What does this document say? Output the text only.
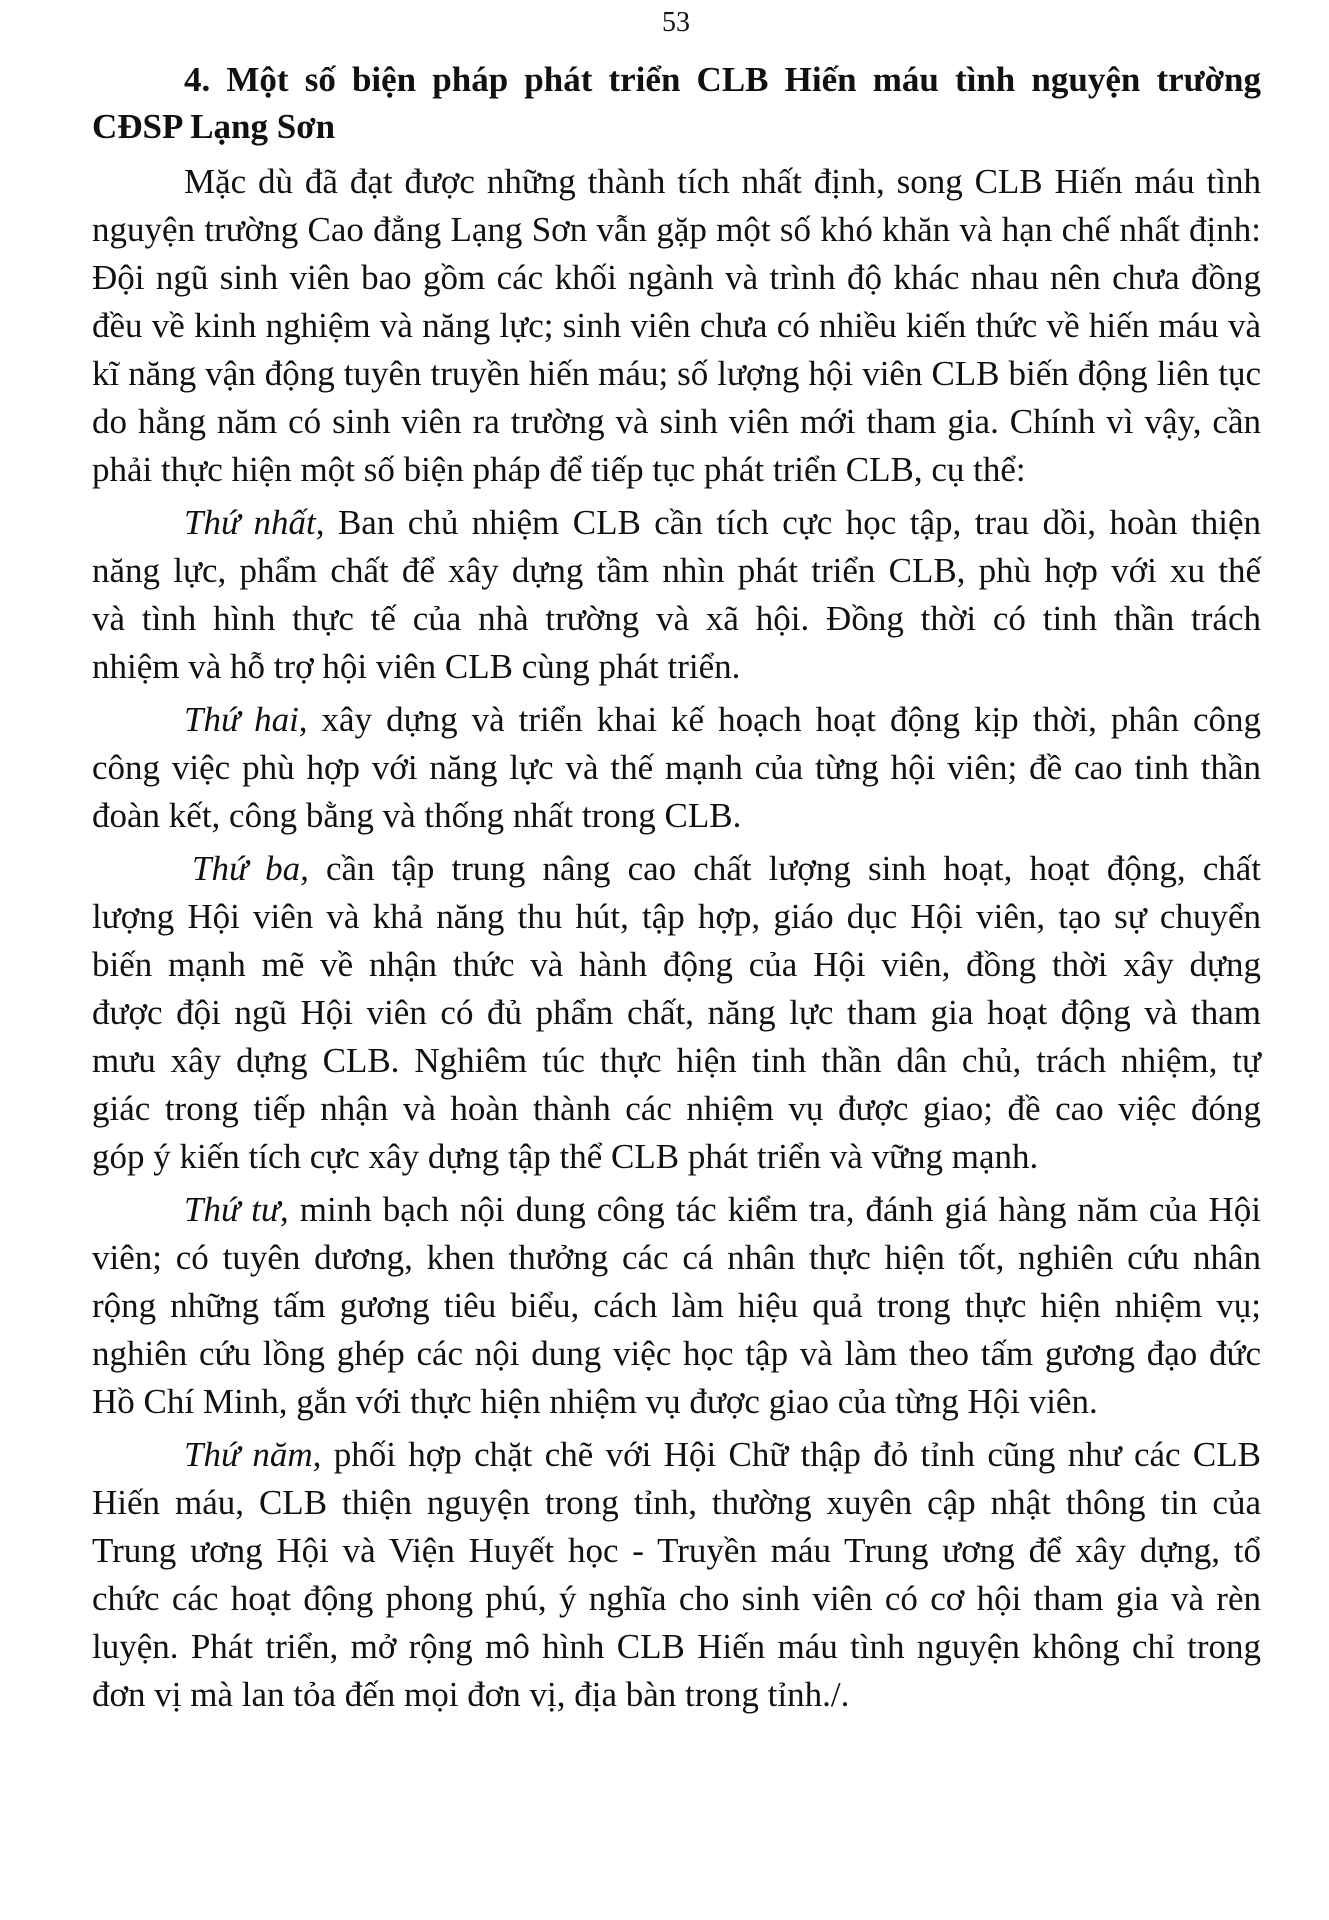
53
4. Một số biện pháp phát triển CLB Hiến máu tình nguyện trường
CĐSP Lạng Sơn
Mặc dù đã đạt được những thành tích nhất định, song CLB Hiến máu tình
nguyện trường Cao đẳng Lạng Sơn vẫn gặp một số khó khăn và hạn chế nhất định:
Đội ngũ sinh viên bao gồm các khối ngành và trình độ khác nhau nên chưa đồng
đều về kinh nghiệm và năng lực; sinh viên chưa có nhiều kiến thức về hiến máu và
kĩ năng vận động tuyên truyền hiến máu; số lượng hội viên CLB biến động liên tục
do hằng năm có sinh viên ra trường và sinh viên mới tham gia. Chính vì vậy, cần
phải thực hiện một số biện pháp để tiếp tục phát triển CLB, cụ thể:
Thứ nhất, Ban chủ nhiệm CLB cần tích cực học tập, trau dồi, hoàn thiện
năng lực, phẩm chất để xây dựng tầm nhìn phát triển CLB, phù hợp với xu thế
và tình hình thực tế của nhà trường và xã hội. Đồng thời có tinh thần trách
nhiệm và hỗ trợ hội viên CLB cùng phát triển.
Thứ hai, xây dựng và triển khai kế hoạch hoạt động kịp thời, phân công
công việc phù hợp với năng lực và thế mạnh của từng hội viên; đề cao tinh thần
đoàn kết, công bằng và thống nhất trong CLB.
Thứ ba, cần tập trung nâng cao chất lượng sinh hoạt, hoạt động, chất
lượng Hội viên và khả năng thu hút, tập hợp, giáo dục Hội viên, tạo sự chuyển
biến mạnh mẽ về nhận thức và hành động của Hội viên, đồng thời xây dựng
được đội ngũ Hội viên có đủ phẩm chất, năng lực tham gia hoạt động và tham
mưu xây dựng CLB. Nghiêm túc thực hiện tinh thần dân chủ, trách nhiệm, tự
giác trong tiếp nhận và hoàn thành các nhiệm vụ được giao; đề cao việc đóng
góp ý kiến tích cực xây dựng tập thể CLB phát triển và vững mạnh.
Thứ tư, minh bạch nội dung công tác kiểm tra, đánh giá hàng năm của Hội
viên; có tuyên dương, khen thưởng các cá nhân thực hiện tốt, nghiên cứu nhân
rộng những tấm gương tiêu biểu, cách làm hiệu quả trong thực hiện nhiệm vụ;
nghiên cứu lồng ghép các nội dung việc học tập và làm theo tấm gương đạo đức
Hồ Chí Minh, gắn với thực hiện nhiệm vụ được giao của từng Hội viên.
Thứ năm, phối hợp chặt chẽ với Hội Chữ thập đỏ tỉnh cũng như các CLB
Hiến máu, CLB thiện nguyện trong tỉnh, thường xuyên cập nhật thông tin của
Trung ương Hội và Viện Huyết học - Truyền máu Trung ương để xây dựng, tổ
chức các hoạt động phong phú, ý nghĩa cho sinh viên có cơ hội tham gia và rèn
luyện. Phát triển, mở rộng mô hình CLB Hiến máu tình nguyện không chỉ trong
đơn vị mà lan tỏa đến mọi đơn vị, địa bàn trong tỉnh./.
